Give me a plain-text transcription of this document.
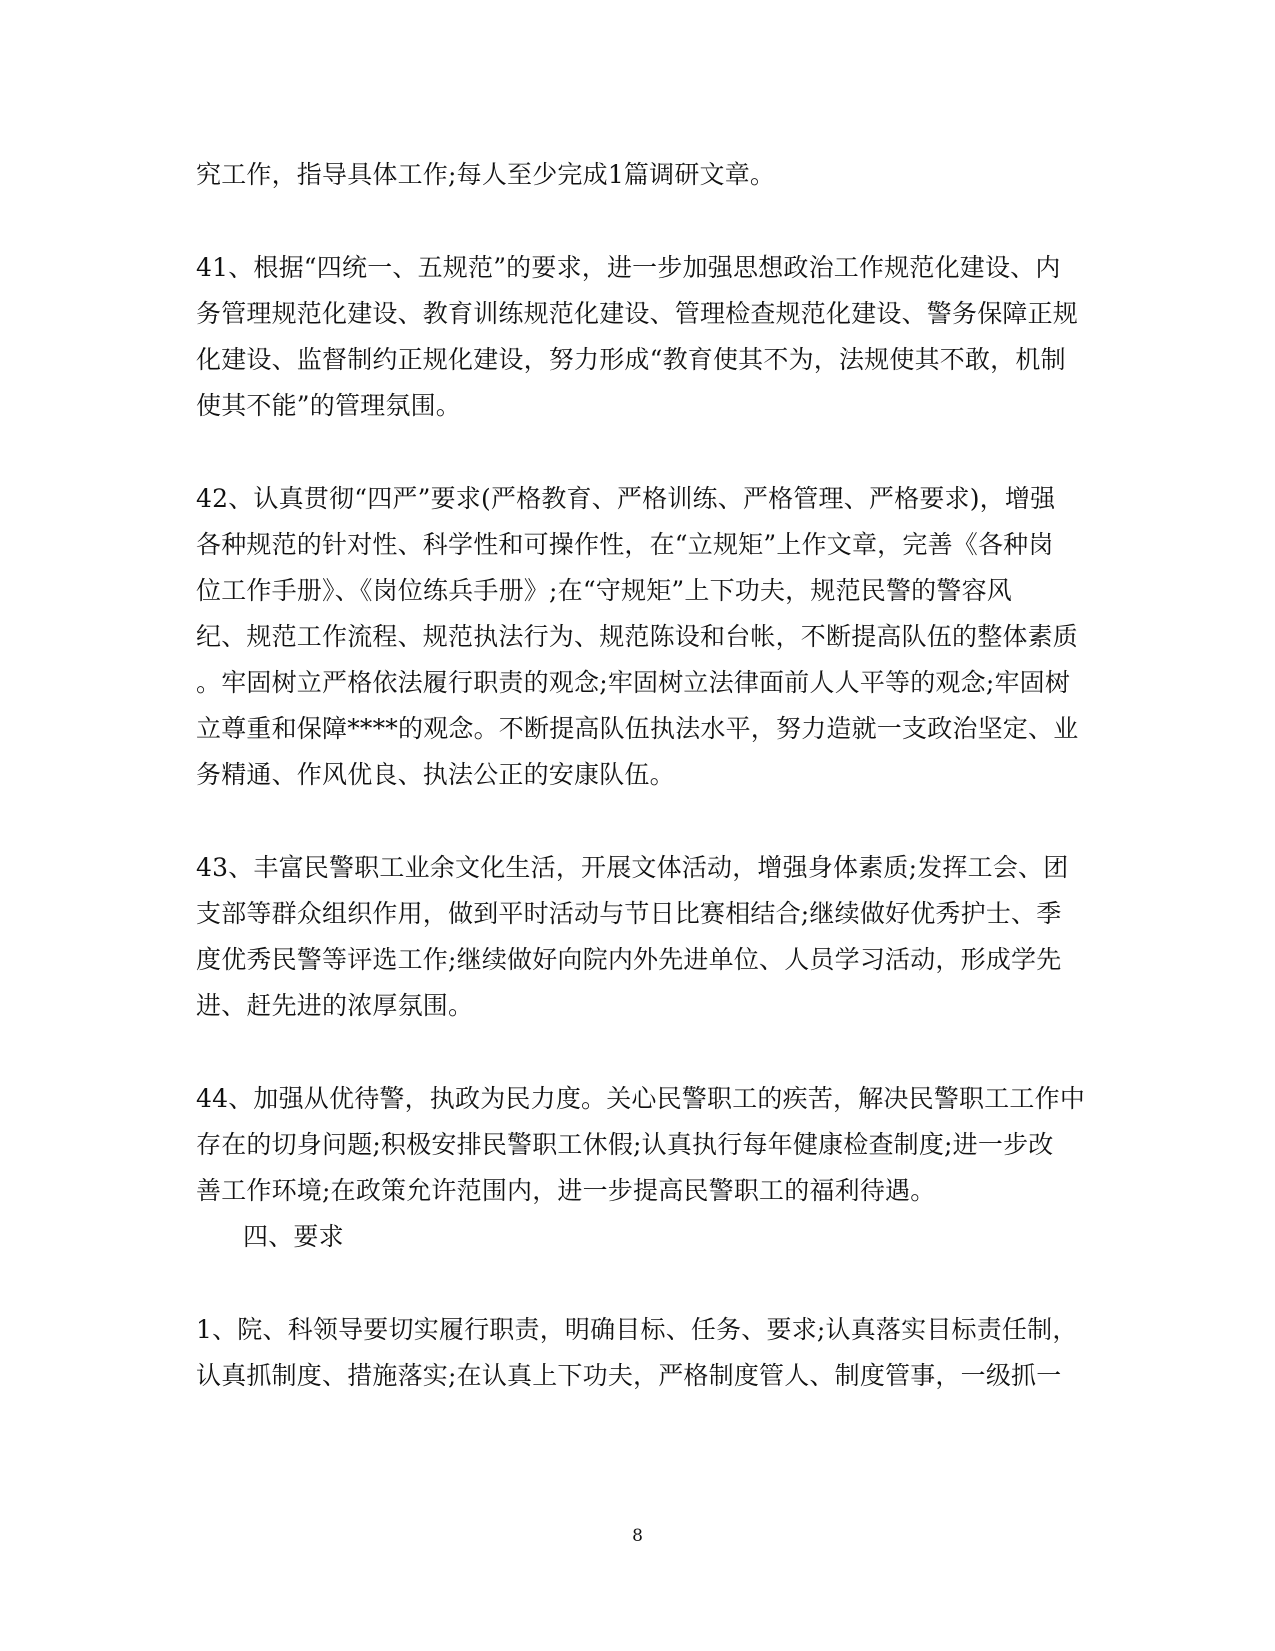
究工作，指导具体工作;每人至少完成1篇调研文章。
41、根据“四统一、五规范”的要求，进一步加强思想政治工作规范化建设、内
务管理规范化建设、教育训练规范化建设、管理检查规范化建设、警务保障正规
化建设、监督制约正规化建设，努力形成“教育使其不为，法规使其不敢，机制
使其不能”的管理氛围。
42、认真贯彻“四严”要求(严格教育、严格训练、严格管理、严格要求)，增强
各种规范的针对性、科学性和可操作性，在“立规矩”上作文章，完善《各种岗
位工作手册》、《岗位练兵手册》;在“守规矩”上下功夫，规范民警的警容风
纪、规范工作流程、规范执法行为、规范陈设和台帐，不断提高队伍的整体素质
。牢固树立严格依法履行职责的观念;牢固树立法律面前人人平等的观念;牢固树
立尊重和保障****的观念。不断提高队伍执法水平，努力造就一支政治坚定、业
务精通、作风优良、执法公正的安康队伍。
43、丰富民警职工业余文化生活，开展文体活动，增强身体素质;发挥工会、团
支部等群众组织作用，做到平时活动与节日比赛相结合;继续做好优秀护士、季
度优秀民警等评选工作;继续做好向院内外先进单位、人员学习活动，形成学先
进、赶先进的浓厚氛围。
44、加强从优待警，执政为民力度。关心民警职工的疾苦，解决民警职工工作中
存在的切身问题;积极安排民警职工休假;认真执行每年健康检查制度;进一步改
善工作环境;在政策允许范围内，进一步提高民警职工的福利待遇。
四、要求
1、院、科领导要切实履行职责，明确目标、任务、要求;认真落实目标责任制，
认真抓制度、措施落实;在认真上下功夫，严格制度管人、制度管事，一级抓一
8
